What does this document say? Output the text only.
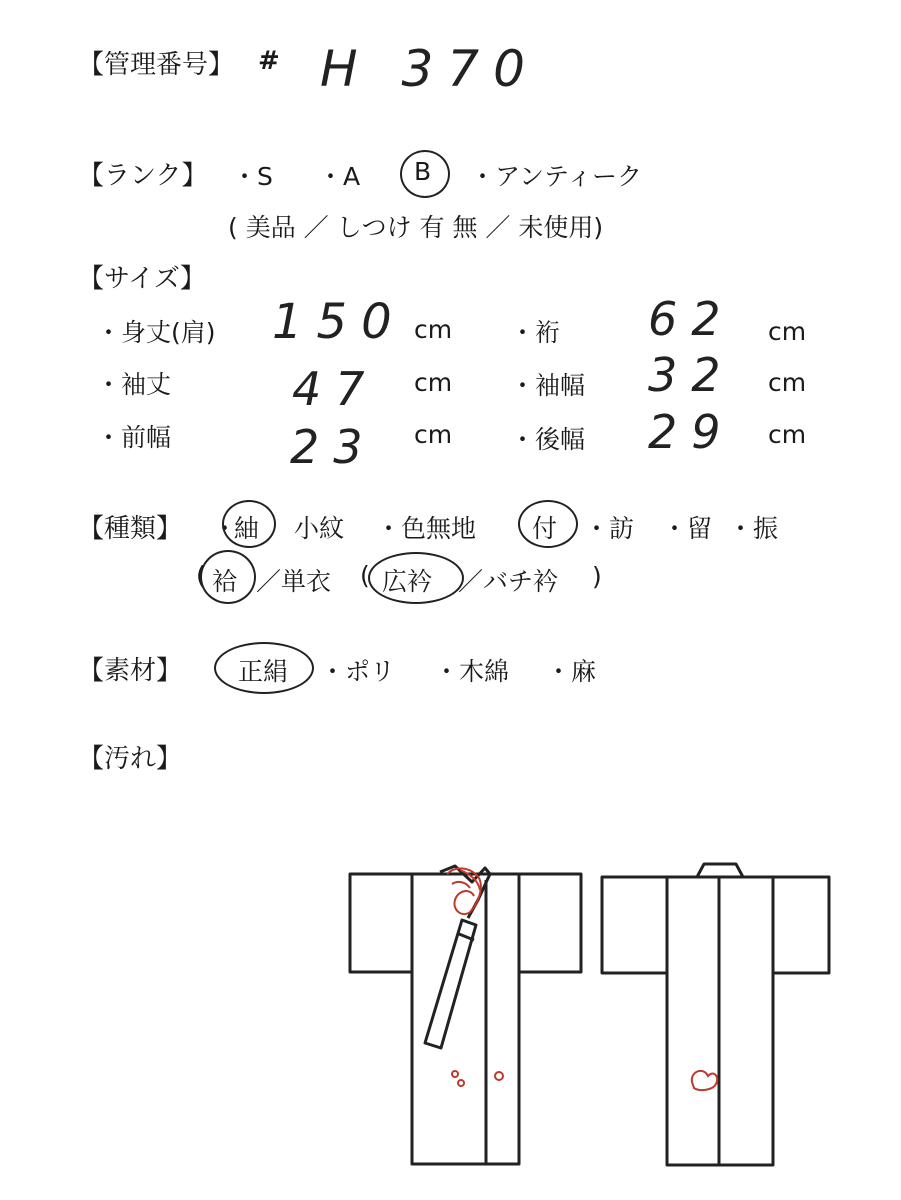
【管理番号】 # H 370
【ランク】 ・S ・A B ・アンティーク
( 美品 ／ しつけ 有 無 ／ 未使用)
【サイズ】
・身丈(肩) 150 cm ・裄 62 cm
・袖丈	47 cm ・袖幅 32 cm
・前幅	23 cm ・後幅 29 cm
【種類】 ・
紬 小紋 ・色無地 付 ・訪 ・留 ・振
( 袷 ／単衣 ( 広衿 ／バチ衿 )
【素材】 正絹 ・ポリ ・木綿 ・麻
【汚れ】
